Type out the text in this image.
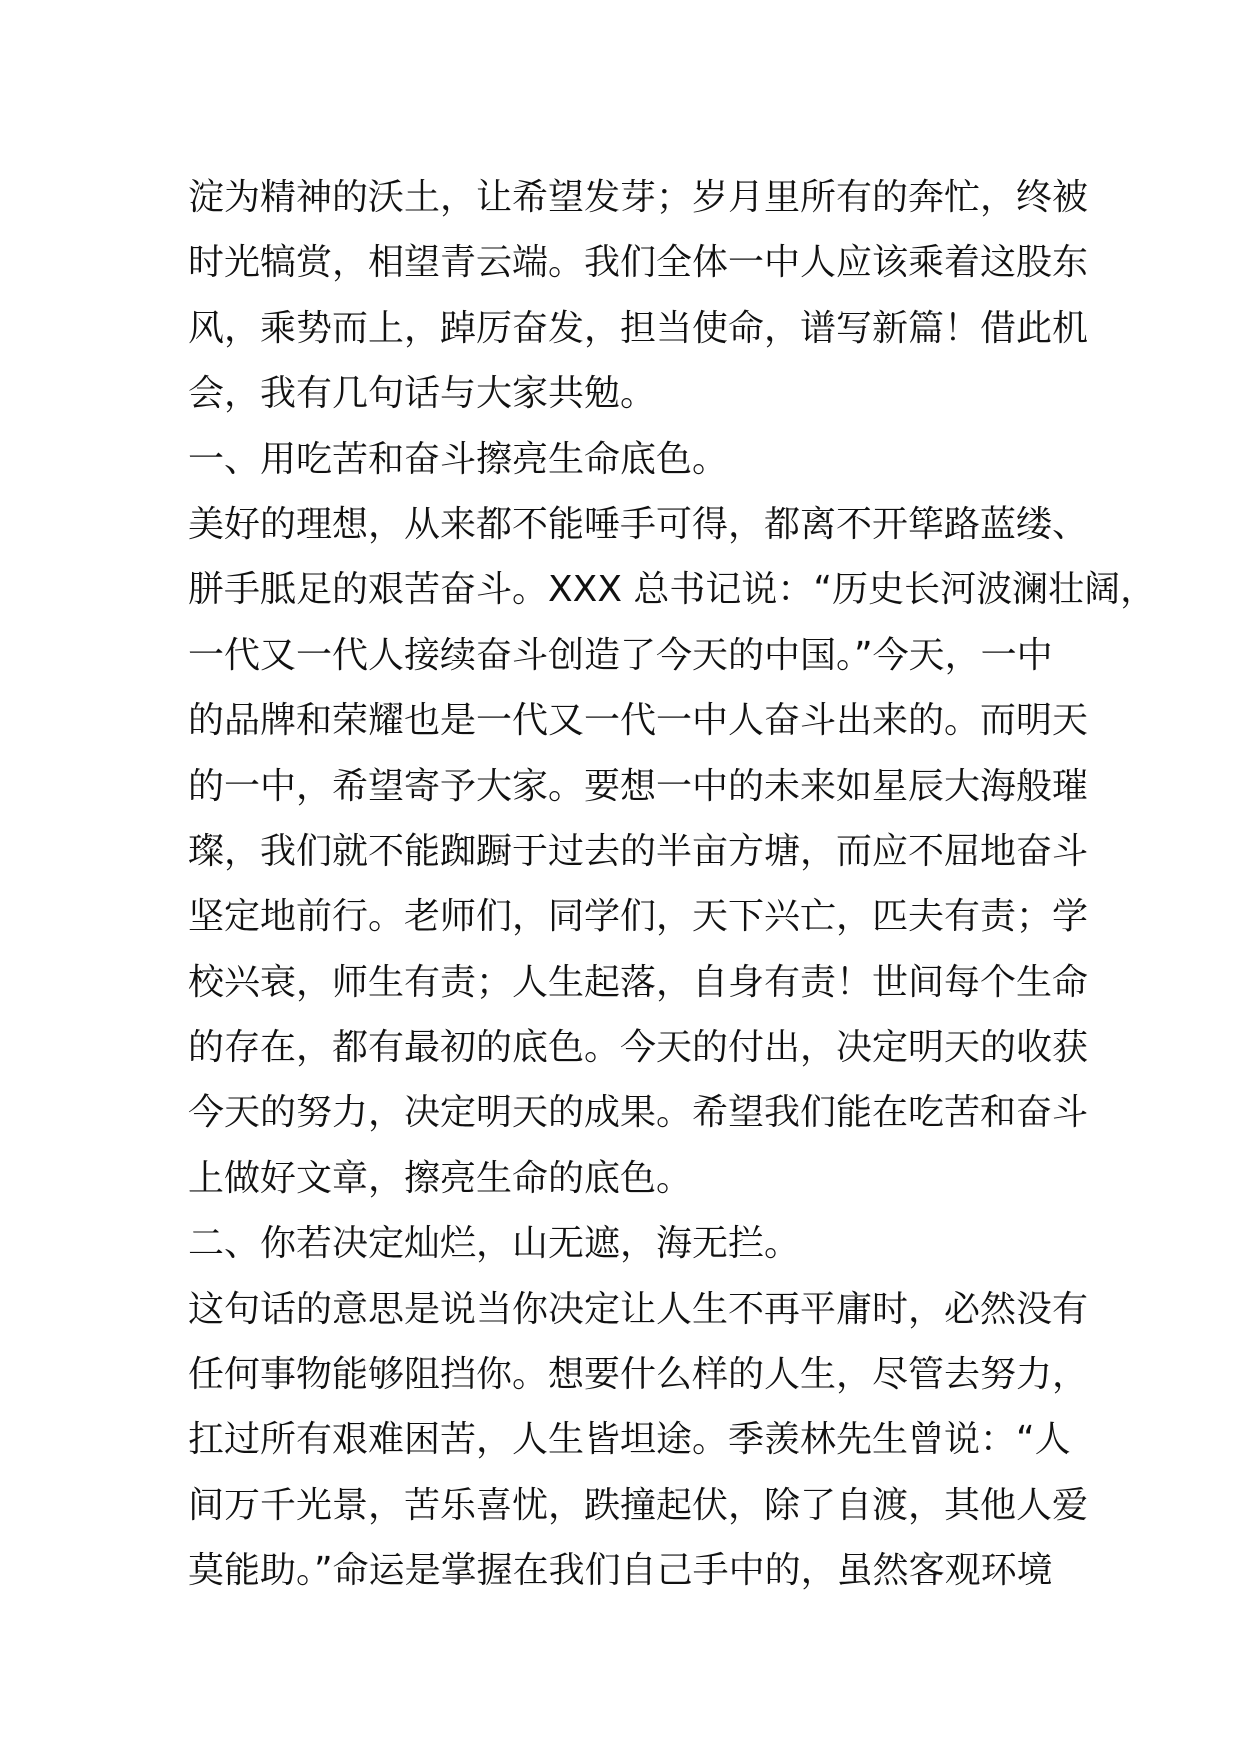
淀为精神的沃土，让希望发芽；岁月里所有的奔忙，终被
时光犒赏，相望青云端。我们全体一中人应该乘着这股东
风，乘势而上，踔厉奋发，担当使命，谱写新篇！借此机
会，我有几句话与大家共勉。
一、用吃苦和奋斗擦亮生命底色。
美好的理想，从来都不能唾手可得，都离不开筚路蓝缕、
胼手胝足的艰苦奋斗。XXX 总书记说：“历史长河波澜壮阔，
一代又一代人接续奋斗创造了今天的中国。”今天，一中
的品牌和荣耀也是一代又一代一中人奋斗出来的。而明天
的一中，希望寄予大家。要想一中的未来如星辰大海般璀
璨，我们就不能踟蹰于过去的半亩方塘，而应不屈地奋斗
坚定地前行。老师们，同学们，天下兴亡，匹夫有责；学
校兴衰，师生有责；人生起落，自身有责！世间每个生命
的存在，都有最初的底色。今天的付出，决定明天的收获
今天的努力，决定明天的成果。希望我们能在吃苦和奋斗
上做好文章，擦亮生命的底色。
二、你若决定灿烂，山无遮，海无拦。
这句话的意思是说当你决定让人生不再平庸时，必然没有
任何事物能够阻挡你。想要什么样的人生，尽管去努力，
扛过所有艰难困苦，人生皆坦途。季羡林先生曾说：“人
间万千光景，苦乐喜忧，跌撞起伏，除了自渡，其他人爱
莫能助。”命运是掌握在我们自己手中的，虽然客观环境
